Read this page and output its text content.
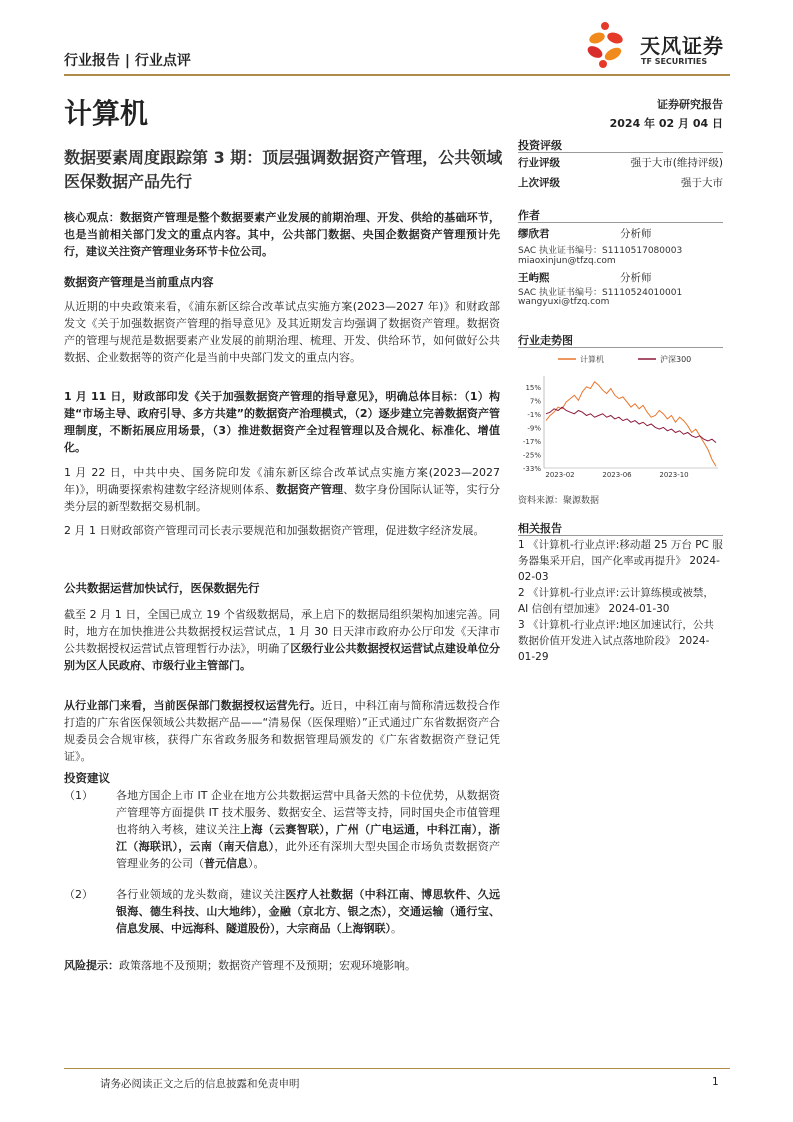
行业报告 | 行业点评
天风证券
TF SECURITIES
计算机	证券研究报告
2024 年 02 月 04 日
数据要素周度跟踪第 3 期：顶层强调数据资产管理，公共领域医保数据产品先行
核心观点：数据资产管理是整个数据要素产业发展的前期治理、开发、供给的基础环节，也是当前相关部门发文的重点内容。其中，公共部门数据、央国企数据资产管理预计先行，建议关注资产管理业务环节卡位公司。
数据资产管理是当前重点内容
从近期的中央政策来看，《浦东新区综合改革试点实施方案(2023—2027 年)》和财政部发文《关于加强数据资产管理的指导意见》及其近期发言均强调了数据资产管理。数据资产的管理与规范是数据要素产业发展的前期治理、梳理、开发、供给环节，如何做好公共数据、企业数据等的资产化是当前中央部门发文的重点内容。
1 月 11 日，财政部印发《关于加强数据资产管理的指导意见》，明确总体目标：（1）构建“市场主导、政府引导、多方共建”的数据资产治理模式，（2）逐步建立完善数据资产管理制度，不断拓展应用场景，（3）推进数据资产全过程管理以及合规化、标准化、增值化。
1 月 22 日，中共中央、国务院印发《浦东新区综合改革试点实施方案(2023—2027 年)》，明确要探索构建数字经济规则体系、数据资产管理、数字身份国际认证等，实行分类分层的新型数据交易机制。
2 月 1 日财政部资产管理司司长表示要规范和加强数据资产管理，促进数字经济发展。
公共数据运营加快试行，医保数据先行
截至 2 月 1 日，全国已成立 19 个省级数据局，承上启下的数据局组织架构加速完善。同时，地方在加快推进公共数据授权运营试点，1 月 30 日天津市政府办公厅印发《天津市公共数据授权运营试点管理暂行办法》，明确了区级行业公共数据授权运营试点建设单位分别为区人民政府、市级行业主管部门。
从行业部门来看，当前医保部门数据授权运营先行。近日，中科江南与简称清远数投合作打造的广东省医保领域公共数据产品——“清易保（医保理赔）”正式通过广东省数据资产合规委员会合规审核，获得广东省政务服务和数据管理局颁发的《广东省数据资产登记凭证》。
投资建议
（1）	各地方国企上市 IT 企业在地方公共数据运营中具备天然的卡位优势，从数据资产管理等方面提供 IT 技术服务、数据安全、运营等支持，同时国央企市值管理也将纳入考核，建议关注上海（云赛智联），广州（广电运通，中科江南），浙江（海联讯），云南（南天信息），此外还有深圳大型央国企市场负责数据资产管理业务的公司（普元信息）。
（2）	各行业领域的龙头数商，建议关注医疗人社数据（中科江南、博思软件、久远银海、德生科技、山大地纬），金融（京北方、银之杰），交通运输（通行宝、信息发展、中远海科、隧道股份），大宗商品（上海钢联）。
风险提示：政策落地不及预期；数据资产管理不及预期；宏观环境影响。
投资评级
行业评级	强于大市(维持评级)
上次评级	强于大市
作者
缪欣君	分析师
SAC 执业证书编号：S1110517080003
miaoxinjun@tfzq.com
王屿熙	分析师
SAC 执业证书编号：S1110524010001
wangyuxi@tfzq.com
行业走势图
计算机	沪深300
15%
7%
-1%
-9%
-17%
-25%
-33%
2023-02	2023-06	2023-10
资料来源：聚源数据
相关报告
1 《计算机-行业点评:移动超 25 万台 PC 服务器集采开启，国产化率或再提升》 2024-02-03
2 《计算机-行业点评:云计算练模或被禁，AI 信创有望加速》 2024-01-30
3 《计算机-行业点评:地区加速试行，公共数据价值开发进入试点落地阶段》 2024-01-29
请务必阅读正文之后的信息披露和免责申明	1
